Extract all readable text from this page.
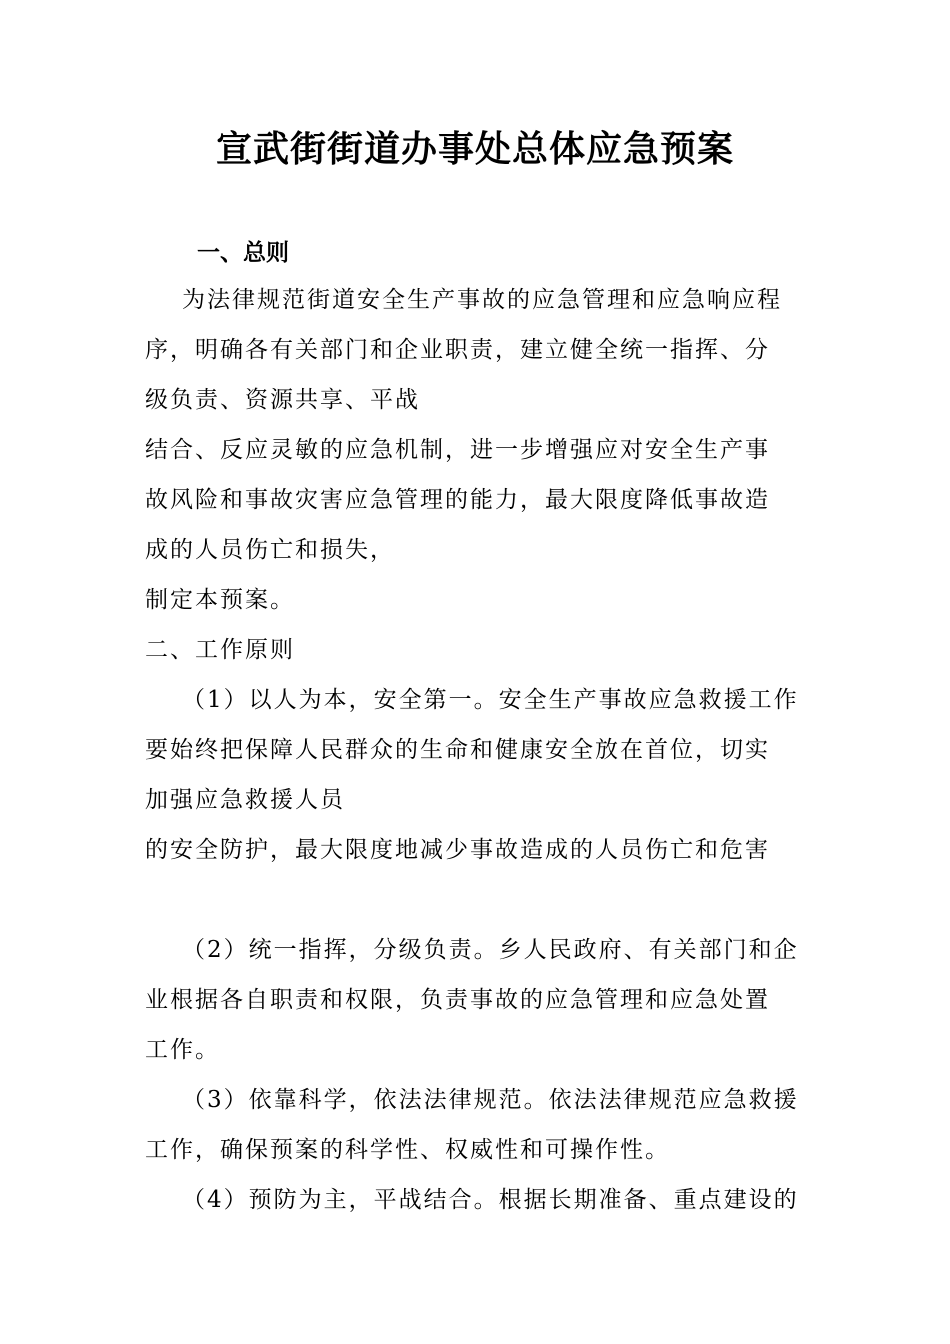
宣武街街道办事处总体应急预案
一、总则
为法律规范街道安全生产事故的应急管理和应急响应程
序，明确各有关部门和企业职责，建立健全统一指挥、分
级负责、资源共享、平战
结合、反应灵敏的应急机制，进一步增强应对安全生产事
故风险和事故灾害应急管理的能力，最大限度降低事故造
成的人员伤亡和损失，
制定本预案。
二、工作原则
（1）以人为本，安全第一。安全生产事故应急救援工作
要始终把保障人民群众的生命和健康安全放在首位，切实
加强应急救援人员
的安全防护，最大限度地减少事故造成的人员伤亡和危害
（2）统一指挥，分级负责。乡人民政府、有关部门和企
业根据各自职责和权限，负责事故的应急管理和应急处置
工作。
（3）依靠科学，依法法律规范。依法法律规范应急救援
工作，确保预案的科学性、权威性和可操作性。
（4）预防为主，平战结合。根据长期准备、重点建设的
